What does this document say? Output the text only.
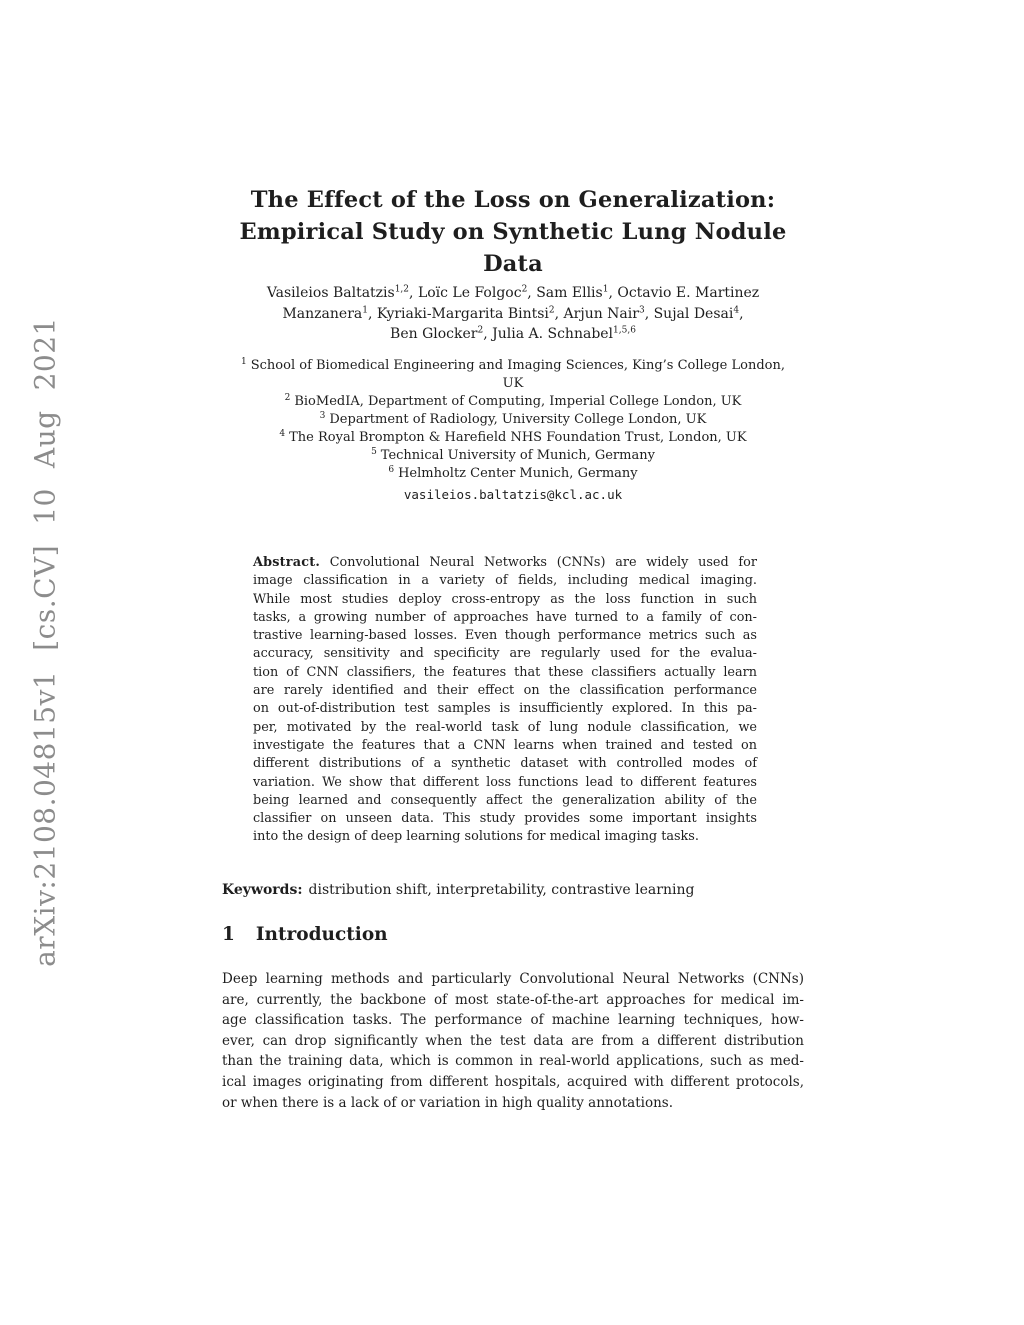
arXiv:2108.04815v1 [cs.CV] 10 Aug 2021
The Effect of the Loss on Generalization:
Empirical Study on Synthetic Lung Nodule Data
Vasileios Baltatzis$^{1,2}$, Loïc Le Folgoc$^2$, Sam Ellis$^1$, Octavio E. Martinez Manzanera$^1$, Kyriaki-Margarita Bintsi$^2$, Arjun Nair$^3$, Sujal Desai$^4$,
Ben Glocker$^2$, Julia A. Schnabel$^{1,5,6}$
$^1$ School of Biomedical Engineering and Imaging Sciences, King’s College London,
UK
$^2$ BioMedIA, Department of Computing, Imperial College London, UK
$^3$ Department of Radiology, University College London, UK
$^4$ The Royal Brompton & Harefield NHS Foundation Trust, London, UK
$^5$ Technical University of Munich, Germany
$^6$ Helmholtz Center Munich, Germany
vasileios.baltatzis@kcl.ac.uk
Abstract. Convolutional Neural Networks (CNNs) are widely used for
image classification in a variety of fields, including medical imaging.
While most studies deploy cross-entropy as the loss function in such
tasks, a growing number of approaches have turned to a family of con-
trastive learning-based losses. Even though performance metrics such as
accuracy, sensitivity and specificity are regularly used for the evalua-
tion of CNN classifiers, the features that these classifiers actually learn
are rarely identified and their effect on the classification performance
on out-of-distribution test samples is insufficiently explored. In this pa-
per, motivated by the real-world task of lung nodule classification, we
investigate the features that a CNN learns when trained and tested on
different distributions of a synthetic dataset with controlled modes of
variation. We show that different loss functions lead to different features
being learned and consequently affect the generalization ability of the
classifier on unseen data. This study provides some important insights
into the design of deep learning solutions for medical imaging tasks.
Keywords: distribution shift, interpretability, contrastive learning
1 Introduction
Deep learning methods and particularly Convolutional Neural Networks (CNNs)
are, currently, the backbone of most state-of-the-art approaches for medical im-
age classification tasks. The performance of machine learning techniques, how-
ever, can drop significantly when the test data are from a different distribution
than the training data, which is common in real-world applications, such as med-
ical images originating from different hospitals, acquired with different protocols,
or when there is a lack of or variation in high quality annotations.
